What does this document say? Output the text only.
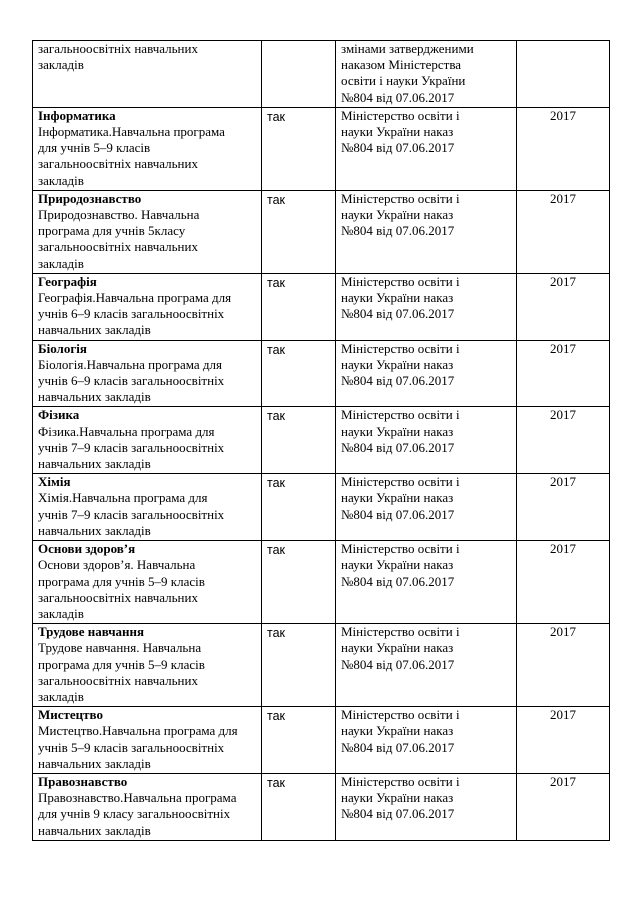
загальноосвітніх навчальних
закладів		змінами затвердженими
наказом Міністерства
освіти і науки України
№804 від 07.06.2017	

Інформатика
Інформатика.Навчальна програма
для учнів 5–9 класів
загальноосвітніх навчальних
закладів	так	Міністерство освіти і
науки України наказ
№804 від 07.06.2017	2017

Природознавство
Природознавство. Навчальна
програма для учнів 5класу
загальноосвітніх навчальних
закладів	так	Міністерство освіти і
науки України наказ
№804 від 07.06.2017	2017

Географія
Географія.Навчальна програма для
учнів 6–9 класів загальноосвітніх
навчальних закладів	так	Міністерство освіти і
науки України наказ
№804 від 07.06.2017	2017

Біологія
Біологія.Навчальна програма для
учнів 6–9 класів загальноосвітніх
навчальних закладів	так	Міністерство освіти і
науки України наказ
№804 від 07.06.2017	2017

Фізика
Фізика.Навчальна програма для
учнів 7–9 класів загальноосвітніх
навчальних закладів	так	Міністерство освіти і
науки України наказ
№804 від 07.06.2017	2017

Хімія
Хімія.Навчальна програма для
учнів 7–9 класів загальноосвітніх
навчальних закладів	так	Міністерство освіти і
науки України наказ
№804 від 07.06.2017	2017

Основи здоров’я
Основи здоров’я. Навчальна
програма для учнів 5–9 класів
загальноосвітніх навчальних
закладів	так	Міністерство освіти і
науки України наказ
№804 від 07.06.2017	2017

Трудове навчання
Трудове навчання. Навчальна
програма для учнів 5–9 класів
загальноосвітніх навчальних
закладів	так	Міністерство освіти і
науки України наказ
№804 від 07.06.2017	2017

Мистецтво
Мистецтво.Навчальна програма для
учнів 5–9 класів загальноосвітніх
навчальних закладів	так	Міністерство освіти і
науки України наказ
№804 від 07.06.2017	2017

Правознавство
Правознавство.Навчальна програма
для учнів 9 класу загальноосвітніх
навчальних закладів	так	Міністерство освіти і
науки України наказ
№804 від 07.06.2017	2017
